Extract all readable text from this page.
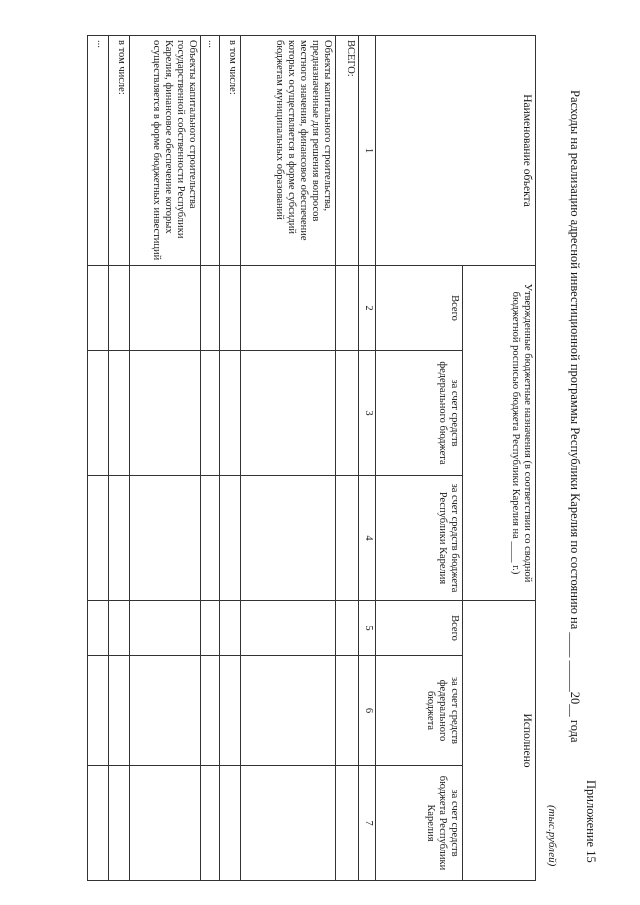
Приложение 15
Расходы на реализацию адресной инвестиционной программы Республики Карелия по состоянию на ____ _____20__ года
(тыс.рублей)
Наименование объекта	Утвержденные бюджетные назначения (в соответствии со сводной бюджетной росписью бюджета Республики Карелия на ____ г.)			Исполнено		
	Всего	за счет средств федерального бюджета	за счет средств бюджета Республики Карелия	Всего	за счет средств федерального бюджета	за счет средств бюджета Республики Карелия
1	2	3	4	5	6	7
ВСЕГО:						
Объекты капитального строительства, предназначенные для решения вопросов местного значения, финансовое обеспечение которых осуществляется в форме субсидий бюджетам муниципальных образований						
в том числе:						
...						
Объекты капитального строительства государственной собственности Республики Карелия, финансовое обеспечение которых осуществляется в форме бюджетных инвестиций						
в том числе:						
...						
